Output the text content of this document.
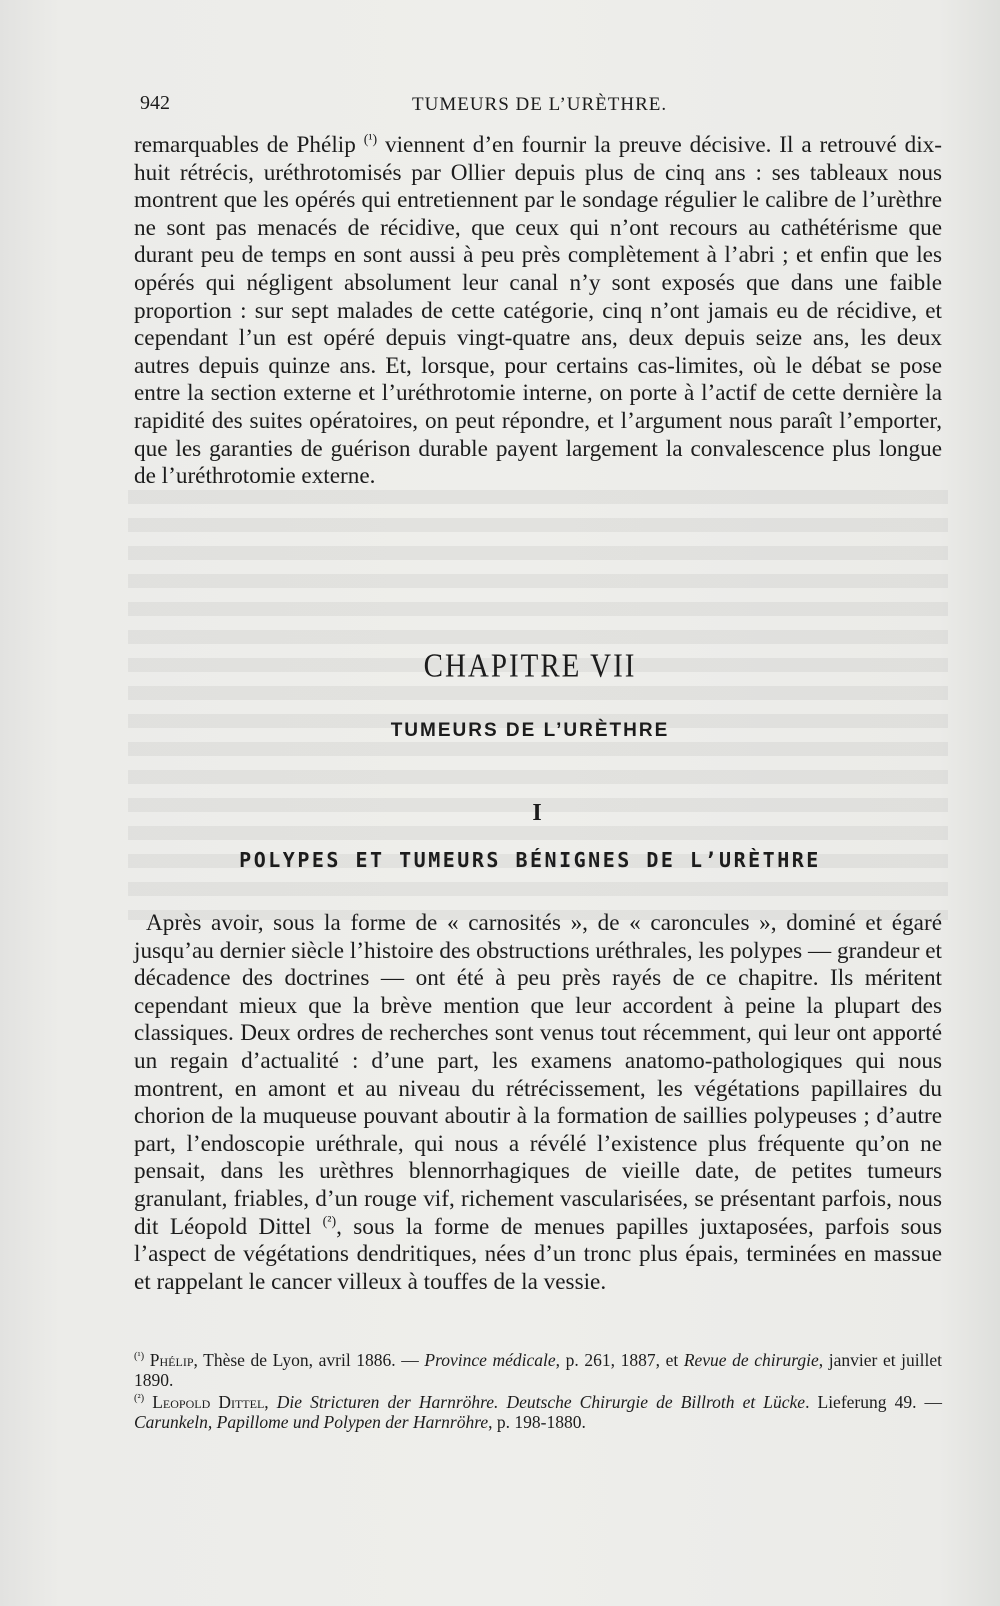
942	TUMEURS DE L’URÈTHRE.

remarquables de Phélip $^{(^1)}$ viennent d’en fournir la preuve décisive. Il a retrouvé dix-huit rétrécis, uréthrotomisés par Ollier depuis plus de cinq ans : ses tableaux nous montrent que les opérés qui entretiennent par le sondage régulier le calibre de l’urèthre ne sont pas menacés de récidive, que ceux qui n’ont recours au cathétérisme que durant peu de temps en sont aussi à peu près complètement à l’abri ; et enfin que les opérés qui négligent absolument leur canal n’y sont exposés que dans une faible proportion : sur sept malades de cette catégorie, cinq n’ont jamais eu de récidive, et cependant l’un est opéré depuis vingt-quatre ans, deux depuis seize ans, les deux autres depuis quinze ans. Et, lorsque, pour certains cas-limites, où le débat se pose entre la section externe et l’uréthrotomie interne, on porte à l’actif de cette dernière la rapidité des suites opératoires, on peut répondre, et l’argument nous paraît l’emporter, que les garanties de guérison durable payent largement la convalescence plus longue de l’uréthrotomie externe.

CHAPITRE VII
TUMEURS DE L’URÈTHRE
I
POLYPES ET TUMEURS BÉNIGNES DE L’URÈTHRE

Après avoir, sous la forme de « carnosités », de « caroncules », dominé et égaré jusqu’au dernier siècle l’histoire des obstructions uréthrales, les polypes — grandeur et décadence des doctrines — ont été à peu près rayés de ce chapitre. Ils méritent cependant mieux que la brève mention que leur accordent à peine la plupart des classiques. Deux ordres de recherches sont venus tout récemment, qui leur ont apporté un regain d’actualité : d’une part, les examens anatomo-pathologiques qui nous montrent, en amont et au niveau du rétrécissement, les végétations papillaires du chorion de la muqueuse pouvant aboutir à la formation de saillies polypeuses ; d’autre part, l’endoscopie uréthrale, qui nous a révélé l’existence plus fréquente qu’on ne pensait, dans les urèthres blennorrhagiques de vieille date, de petites tumeurs granulant, friables, d’un rouge vif, richement vascularisées, se présentant parfois, nous dit Léopold Dittel $^{(^2)}$, sous la forme de menues papilles juxtaposées, parfois sous l’aspect de végétations dendritiques, nées d’un tronc plus épais, terminées en massue et rappelant le cancer villeux à touffes de la vessie.

$^{(^1)}$ Phélip, Thèse de Lyon, avril 1886. — Province médicale, p. 261, 1887, et Revue de chirurgie, janvier et juillet 1890.

$^{(^2)}$ Leopold Dittel, Die Stricturen der Harnröhre. Deutsche Chirurgie de Billroth et Lücke. Lieferung 49. — Carunkeln, Papillome und Polypen der Harnröhre, p. 198-1880.
